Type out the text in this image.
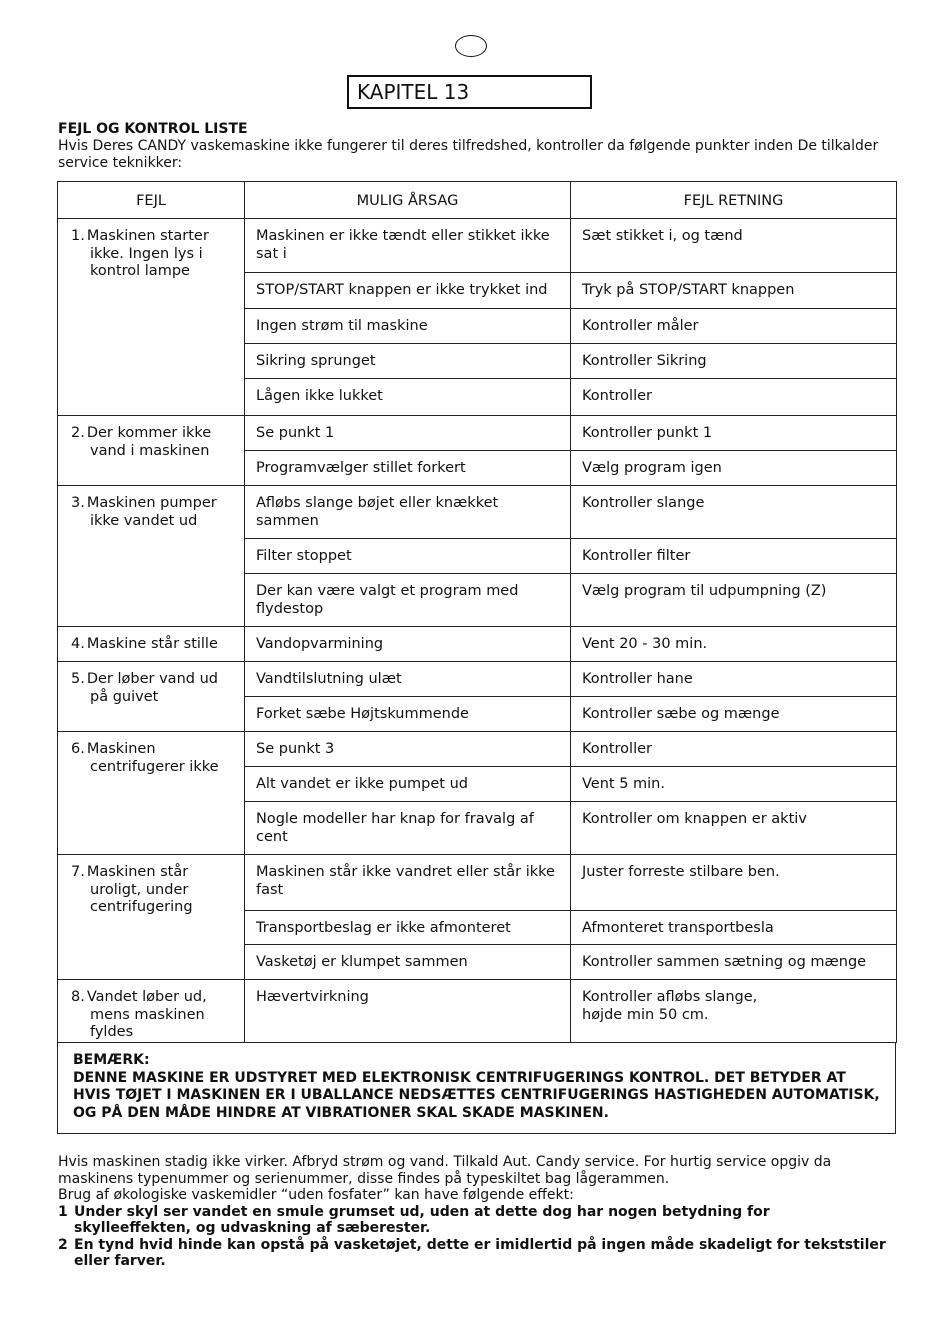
KAPITEL 13
FEJL OG KONTROL LISTE
Hvis Deres CANDY vaskemaskine ikke fungerer til deres tilfredshed, kontroller da følgende punkter inden De tilkalder service teknikker:
FEJL	MULIG ÅRSAG	FEJL RETNING
1. Maskinen starter
ikke. Ingen lys i
kontrol lampe	Maskinen er ikke tændt eller stikket ikke sat i	Sæt stikket i, og tænd
	STOP/START knappen er ikke trykket ind	Tryk på STOP/START knappen
	Ingen strøm til maskine	Kontroller måler
	Sikring sprunget	Kontroller Sikring
	Lågen ikke lukket	Kontroller
2. Der kommer ikke
vand i maskinen	Se punkt 1	Kontroller punkt 1
	Programvælger stillet forkert	Vælg program igen
3. Maskinen pumper
ikke vandet ud	Afløbs slange bøjet eller knækket sammen	Kontroller slange
	Filter stoppet	Kontroller filter
	Der kan være valgt et program med flydestop	Vælg program til udpumpning (Z)
4. Maskine står stille	Vandopvarmining	Vent 20 - 30 min.
5. Der løber vand ud
på guivet	Vandtilslutning ulæt	Kontroller hane
	Forket sæbe Højtskummende	Kontroller sæbe og mænge
6. Maskinen
centrifugerer ikke	Se punkt 3	Kontroller
	Alt vandet er ikke pumpet ud	Vent 5 min.
	Nogle modeller har knap for fravalg af cent	Kontroller om knappen er aktiv
7. Maskinen står
uroligt, under
centrifugering	Maskinen står ikke vandret eller står ikke fast	Juster forreste stilbare ben.
	Transportbeslag er ikke afmonteret	Afmonteret transportbesla
	Vasketøj er klumpet sammen	Kontroller sammen sætning og mænge
8. Vandet løber ud,
mens maskinen
fyldes	Hævertvirkning	Kontroller afløbs slange,
højde min 50 cm.
BEMÆRK:
DENNE MASKINE ER UDSTYRET MED ELEKTRONISK CENTRIFUGERINGS KONTROL. DET BETYDER AT HVIS TØJET I MASKINEN ER I UBALLANCE NEDSÆTTES CENTRIFUGERINGS HASTIGHEDEN AUTOMATISK, OG PÅ DEN MÅDE HINDRE AT VIBRATIONER SKAL SKADE MASKINEN.
Hvis maskinen stadig ikke virker. Afbryd strøm og vand. Tilkald Aut. Candy service. For hurtig service opgiv da maskinens typenummer og serienummer, disse findes på typeskiltet bag lågerammen.
Brug af økologiske vaskemidler “uden fosfater” kan have følgende effekt:
1 Under skyl ser vandet en smule grumset ud, uden at dette dog har nogen betydning for skylleeffekten, og udvaskning af sæberester.
2 En tynd hvid hinde kan opstå på vasketøjet, dette er imidlertid på ingen måde skadeligt for tekststiler eller farver.
